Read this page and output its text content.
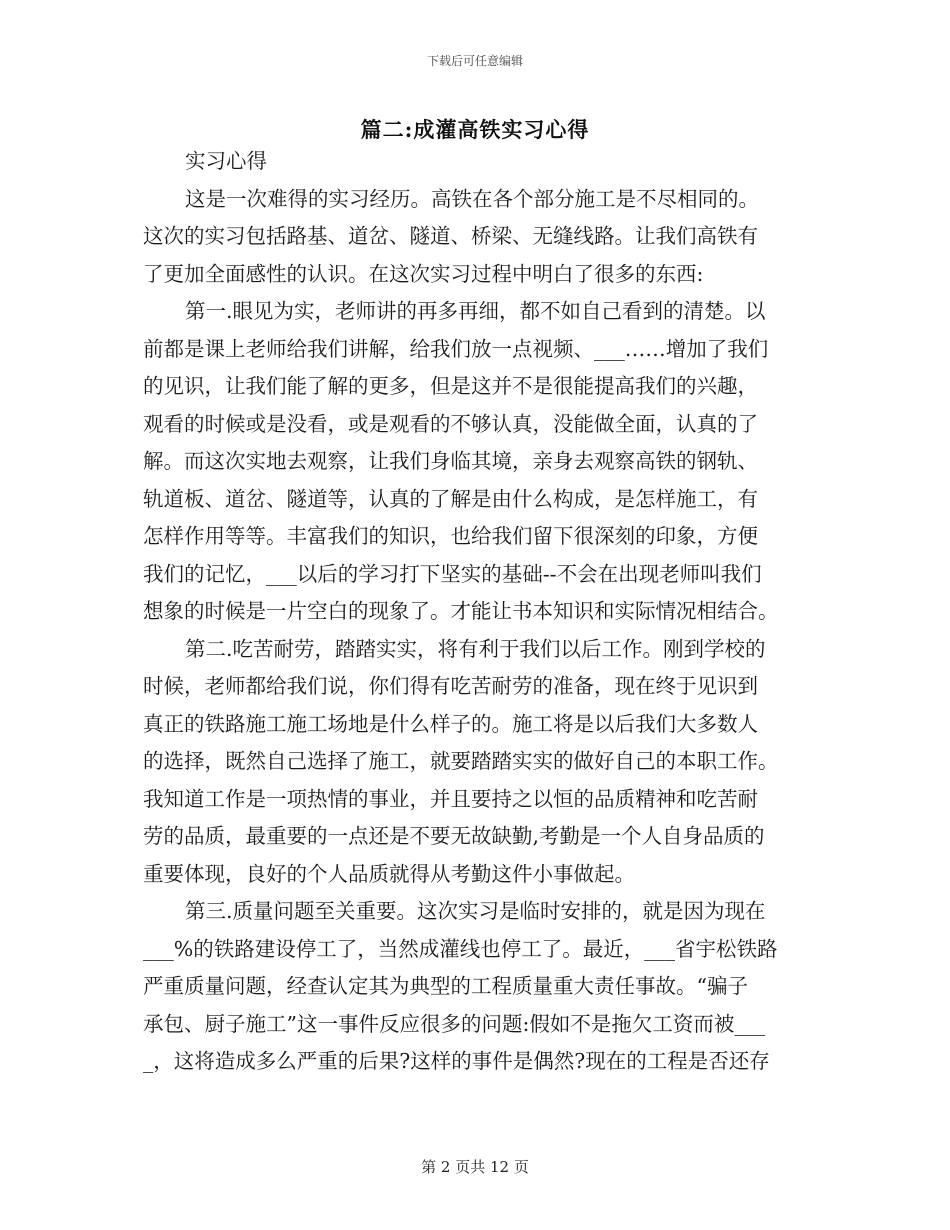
下载后可任意编辑
篇二:成灌高铁实习心得
实习心得
这是一次难得的实习经历。高铁在各个部分施工是不尽相同的。
这次的实习包括路基、道岔、隧道、桥梁、无缝线路。让我们高铁有
了更加全面感性的认识。在这次实习过程中明白了很多的东西:
第一.眼见为实，老师讲的再多再细，都不如自己看到的清楚。以
前都是课上老师给我们讲解，给我们放一点视频、___……增加了我们
的见识，让我们能了解的更多，但是这并不是很能提高我们的兴趣，
观看的时候或是没看，或是观看的不够认真，没能做全面，认真的了
解。而这次实地去观察，让我们身临其境，亲身去观察高铁的钢轨、
轨道板、道岔、隧道等，认真的了解是由什么构成，是怎样施工，有
怎样作用等等。丰富我们的知识，也给我们留下很深刻的印象，方便
我们的记忆，___以后的学习打下坚实的基础--不会在出现老师叫我们
想象的时候是一片空白的现象了。才能让书本知识和实际情况相结合。
第二.吃苦耐劳，踏踏实实，将有利于我们以后工作。刚到学校的
时候，老师都给我们说，你们得有吃苦耐劳的准备，现在终于见识到
真正的铁路施工施工场地是什么样子的。施工将是以后我们大多数人
的选择，既然自己选择了施工，就要踏踏实实的做好自己的本职工作。
我知道工作是一项热情的事业，并且要持之以恒的品质精神和吃苦耐
劳的品质，最重要的一点还是不要无故缺勤,考勤是一个人自身品质的
重要体现，良好的个人品质就得从考勤这件小事做起。
第三.质量问题至关重要。这次实习是临时安排的，就是因为现在
___%的铁路建设停工了，当然成灌线也停工了。最近，___省宇松铁路
严重质量问题，经查认定其为典型的工程质量重大责任事故。“骗子
承包、厨子施工”这一事件反应很多的问题:假如不是拖欠工资而被___
_，这将造成多么严重的后果?这样的事件是偶然?现在的工程是否还存
第 2 页共 12 页
